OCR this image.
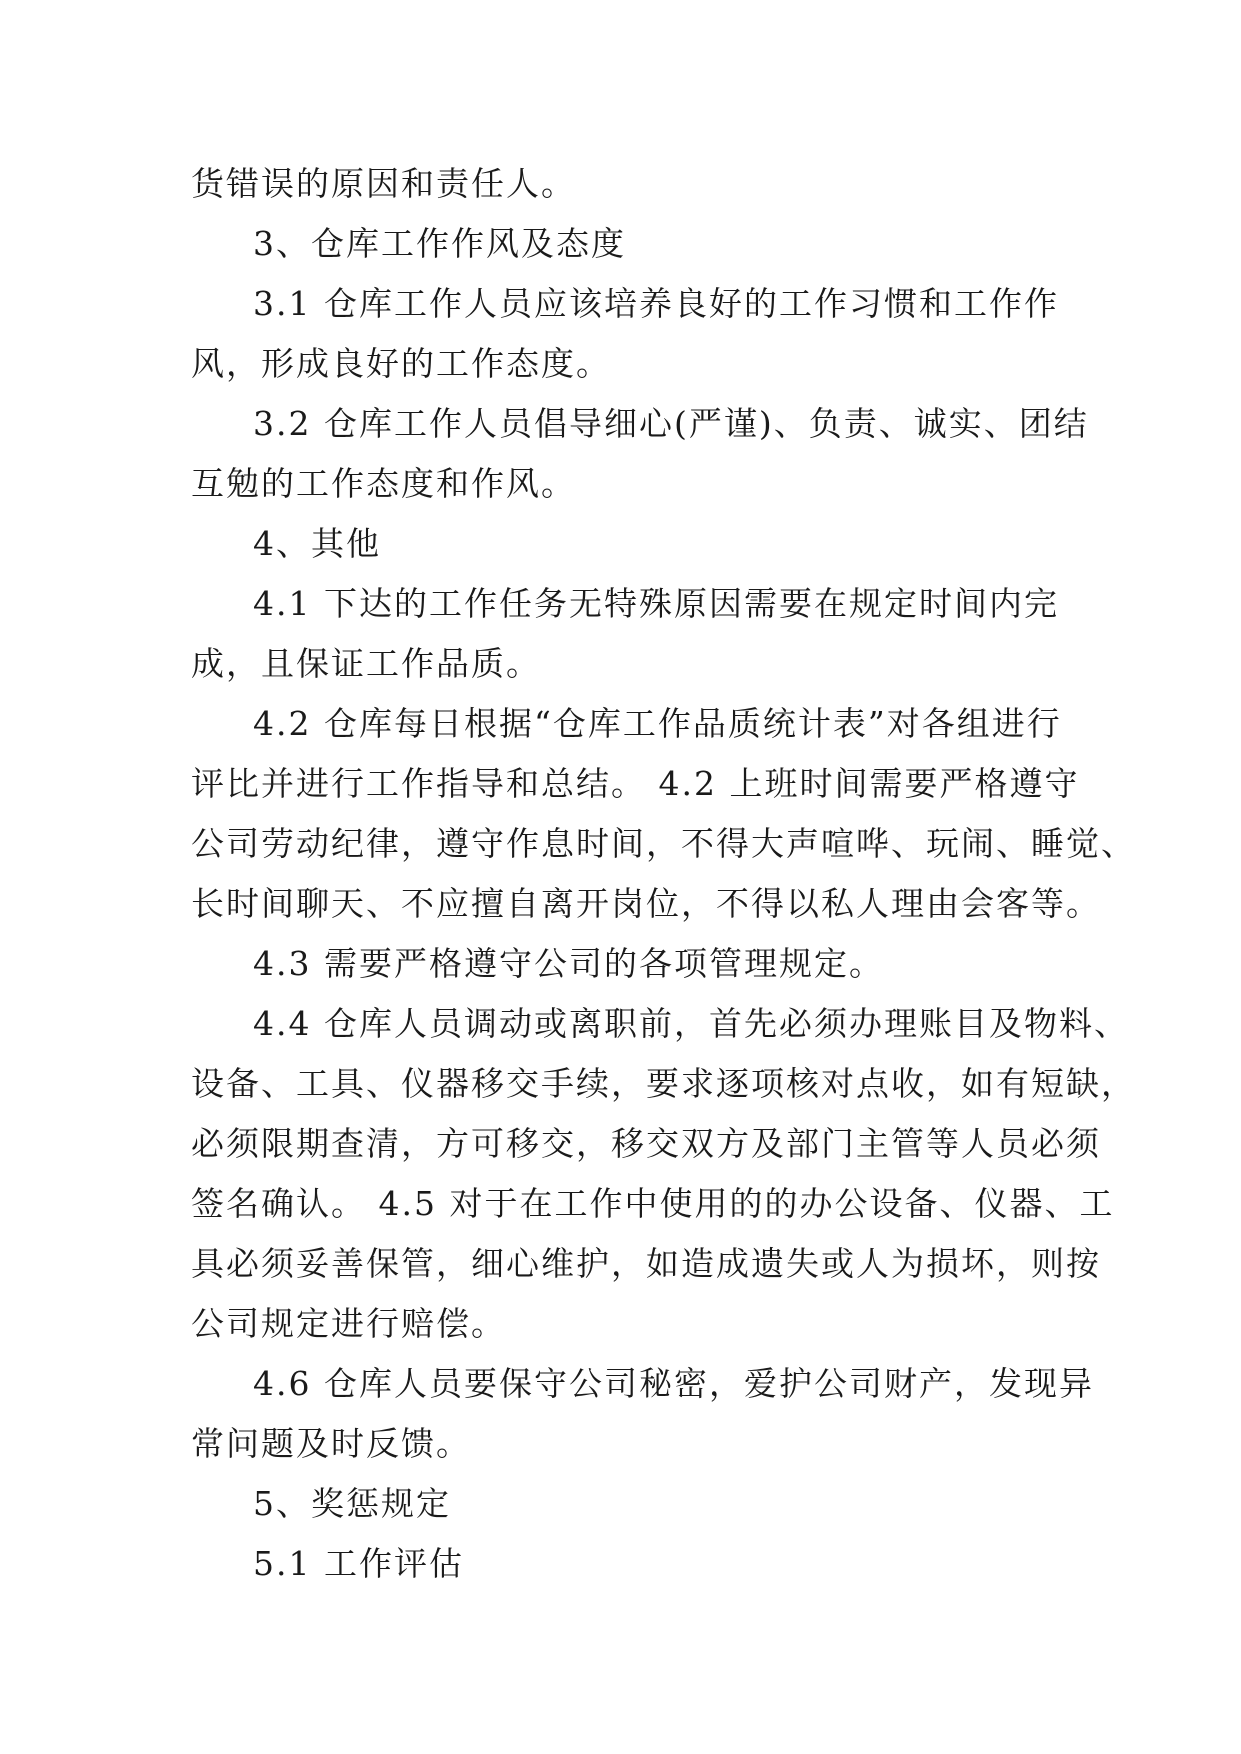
货错误的原因和责任人。
3、仓库工作作风及态度
3.1 仓库工作人员应该培养良好的工作习惯和工作作
风，形成良好的工作态度。
3.2 仓库工作人员倡导细心(严谨)、负责、诚实、团结
互勉的工作态度和作风。
4、其他
4.1 下达的工作任务无特殊原因需要在规定时间内完
成，且保证工作品质。
4.2 仓库每日根据“仓库工作品质统计表”对各组进行
评比并进行工作指导和总结。 4.2 上班时间需要严格遵守
公司劳动纪律，遵守作息时间，不得大声喧哗、玩闹、睡觉、
长时间聊天、不应擅自离开岗位，不得以私人理由会客等。
4.3 需要严格遵守公司的各项管理规定。
4.4 仓库人员调动或离职前，首先必须办理账目及物料、
设备、工具、仪器移交手续，要求逐项核对点收，如有短缺，
必须限期查清，方可移交，移交双方及部门主管等人员必须
签名确认。 4.5 对于在工作中使用的的办公设备、仪器、工
具必须妥善保管，细心维护，如造成遗失或人为损坏，则按
公司规定进行赔偿。
4.6 仓库人员要保守公司秘密，爱护公司财产，发现异
常问题及时反馈。
5、奖惩规定
5.1 工作评估
